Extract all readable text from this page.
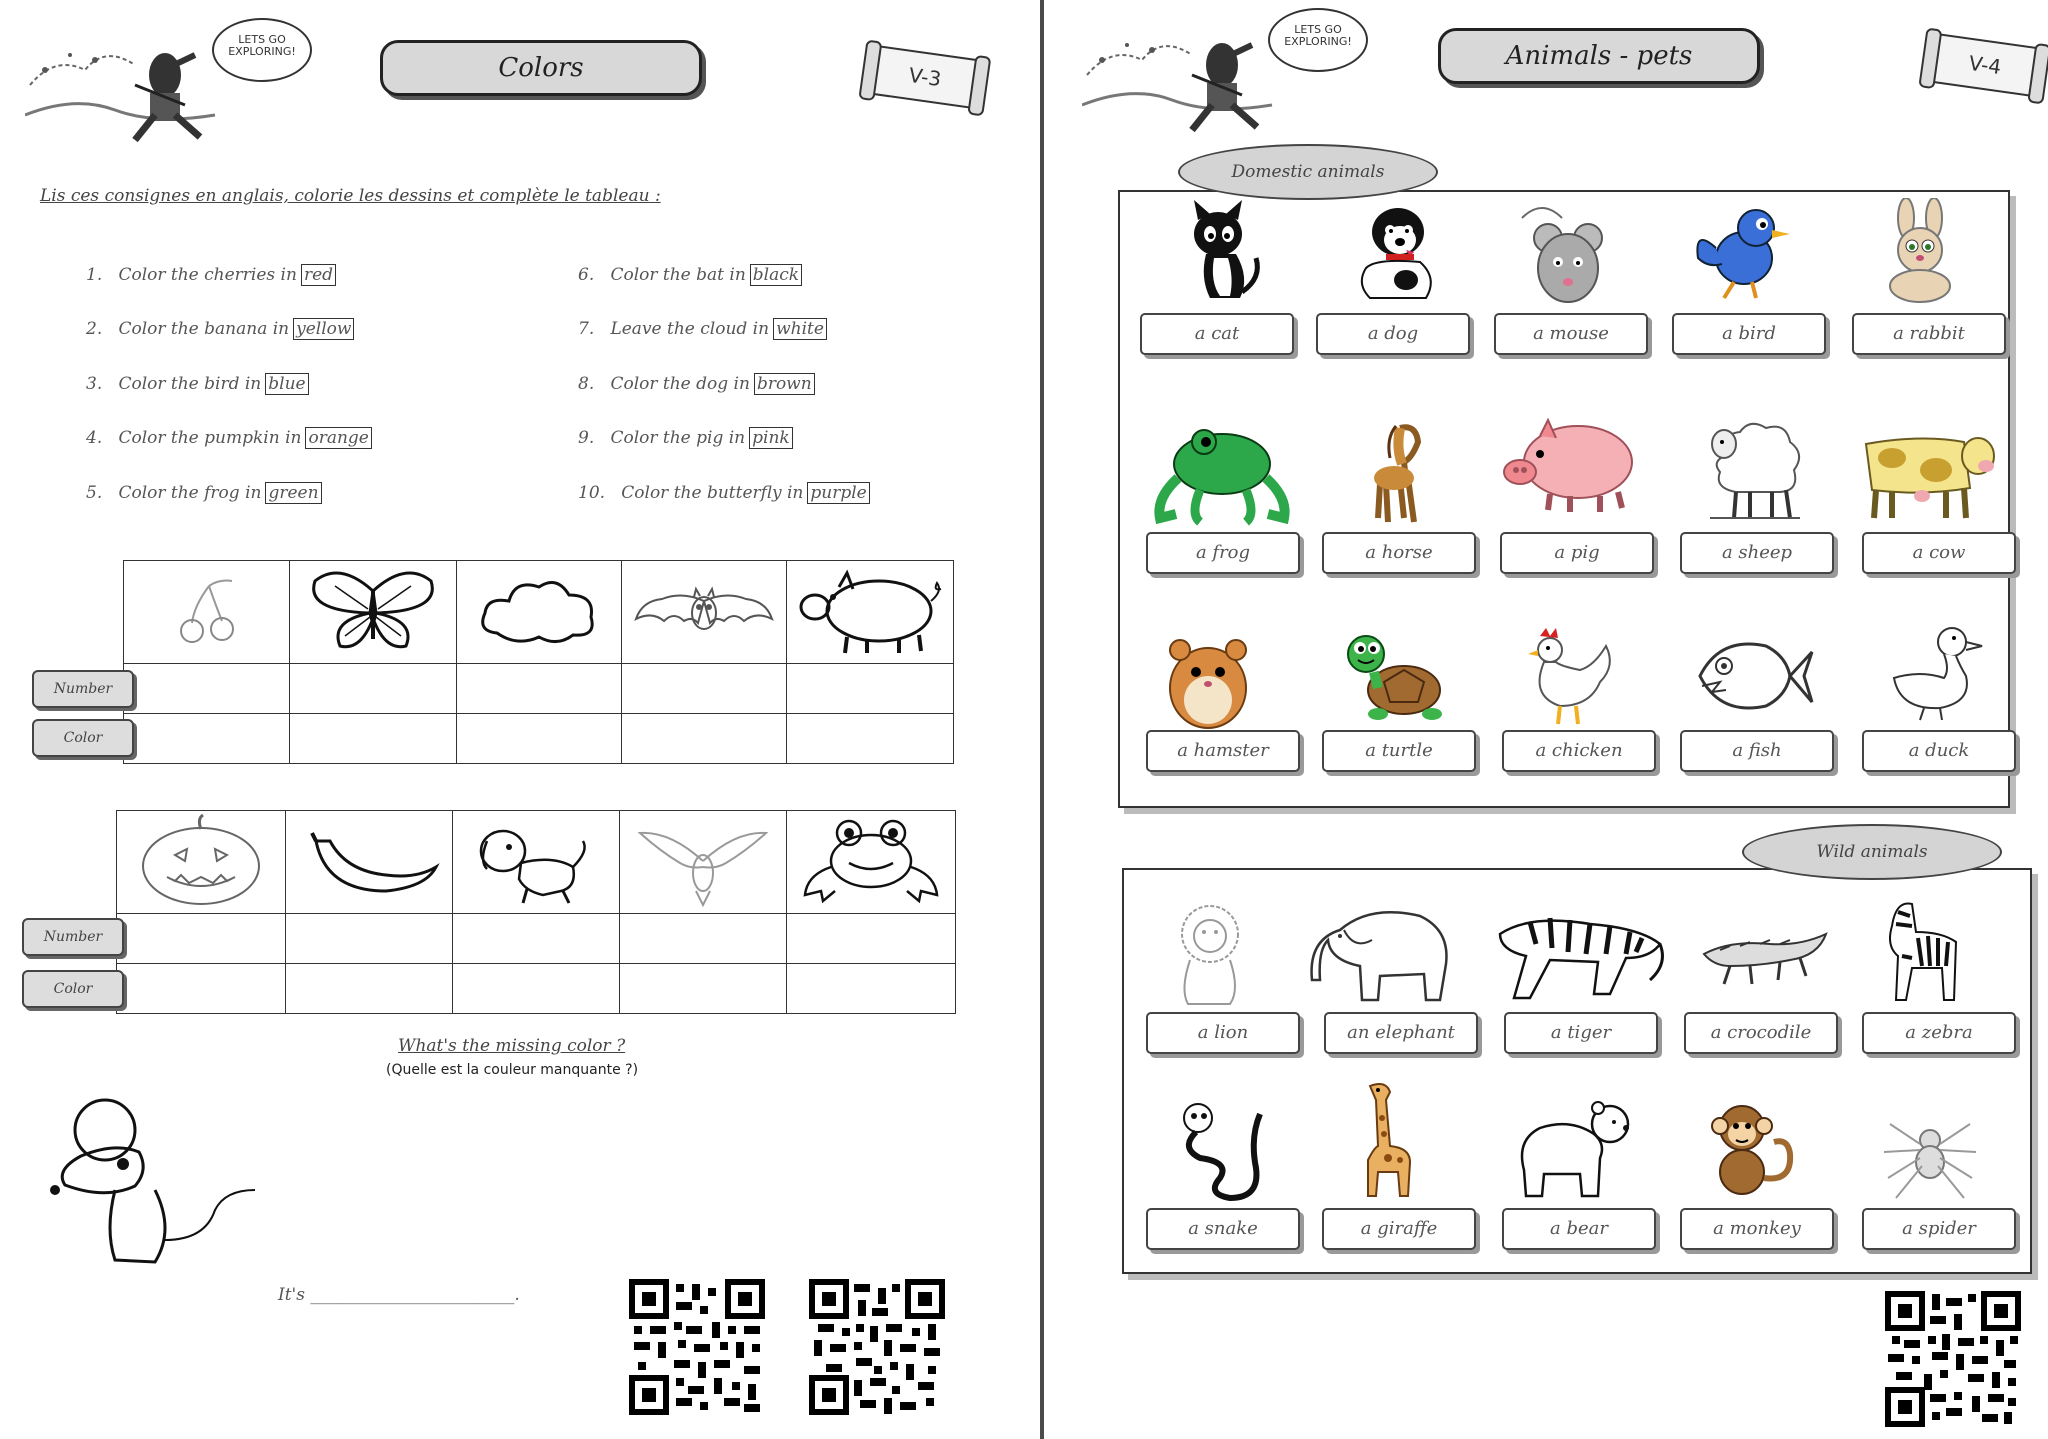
LETS GO EXPLORING!
Colors	V-3
Lis ces consignes en anglais, colorie les dessins et complète le tableau :
1. Color the cherries in red
2. Color the banana in yellow
3. Color the bird in blue
4. Color the pumpkin in orange
5. Color the frog in green
6. Color the bat in black
7. Leave the cloud in white
8. Color the dog in brown
9. Color the pig in pink
10. Color the butterfly in purple

Number
Color

Number
Color
What's the missing color ?
(Quelle est la couleur manquante ?)
It's ________________________.
LETS GO EXPLORING!	Animals - pets	V-4
Domestic animals
a cat	a dog	a mouse	a bird	a rabbit
a frog	a horse	a pig	a sheep	a cow
a hamster	a turtle	a chicken	a fish	a duck
Wild animals
a lion	an elephant	a tiger	a crocodile	a zebra
a snake	a giraffe	a bear	a monkey	a spider
